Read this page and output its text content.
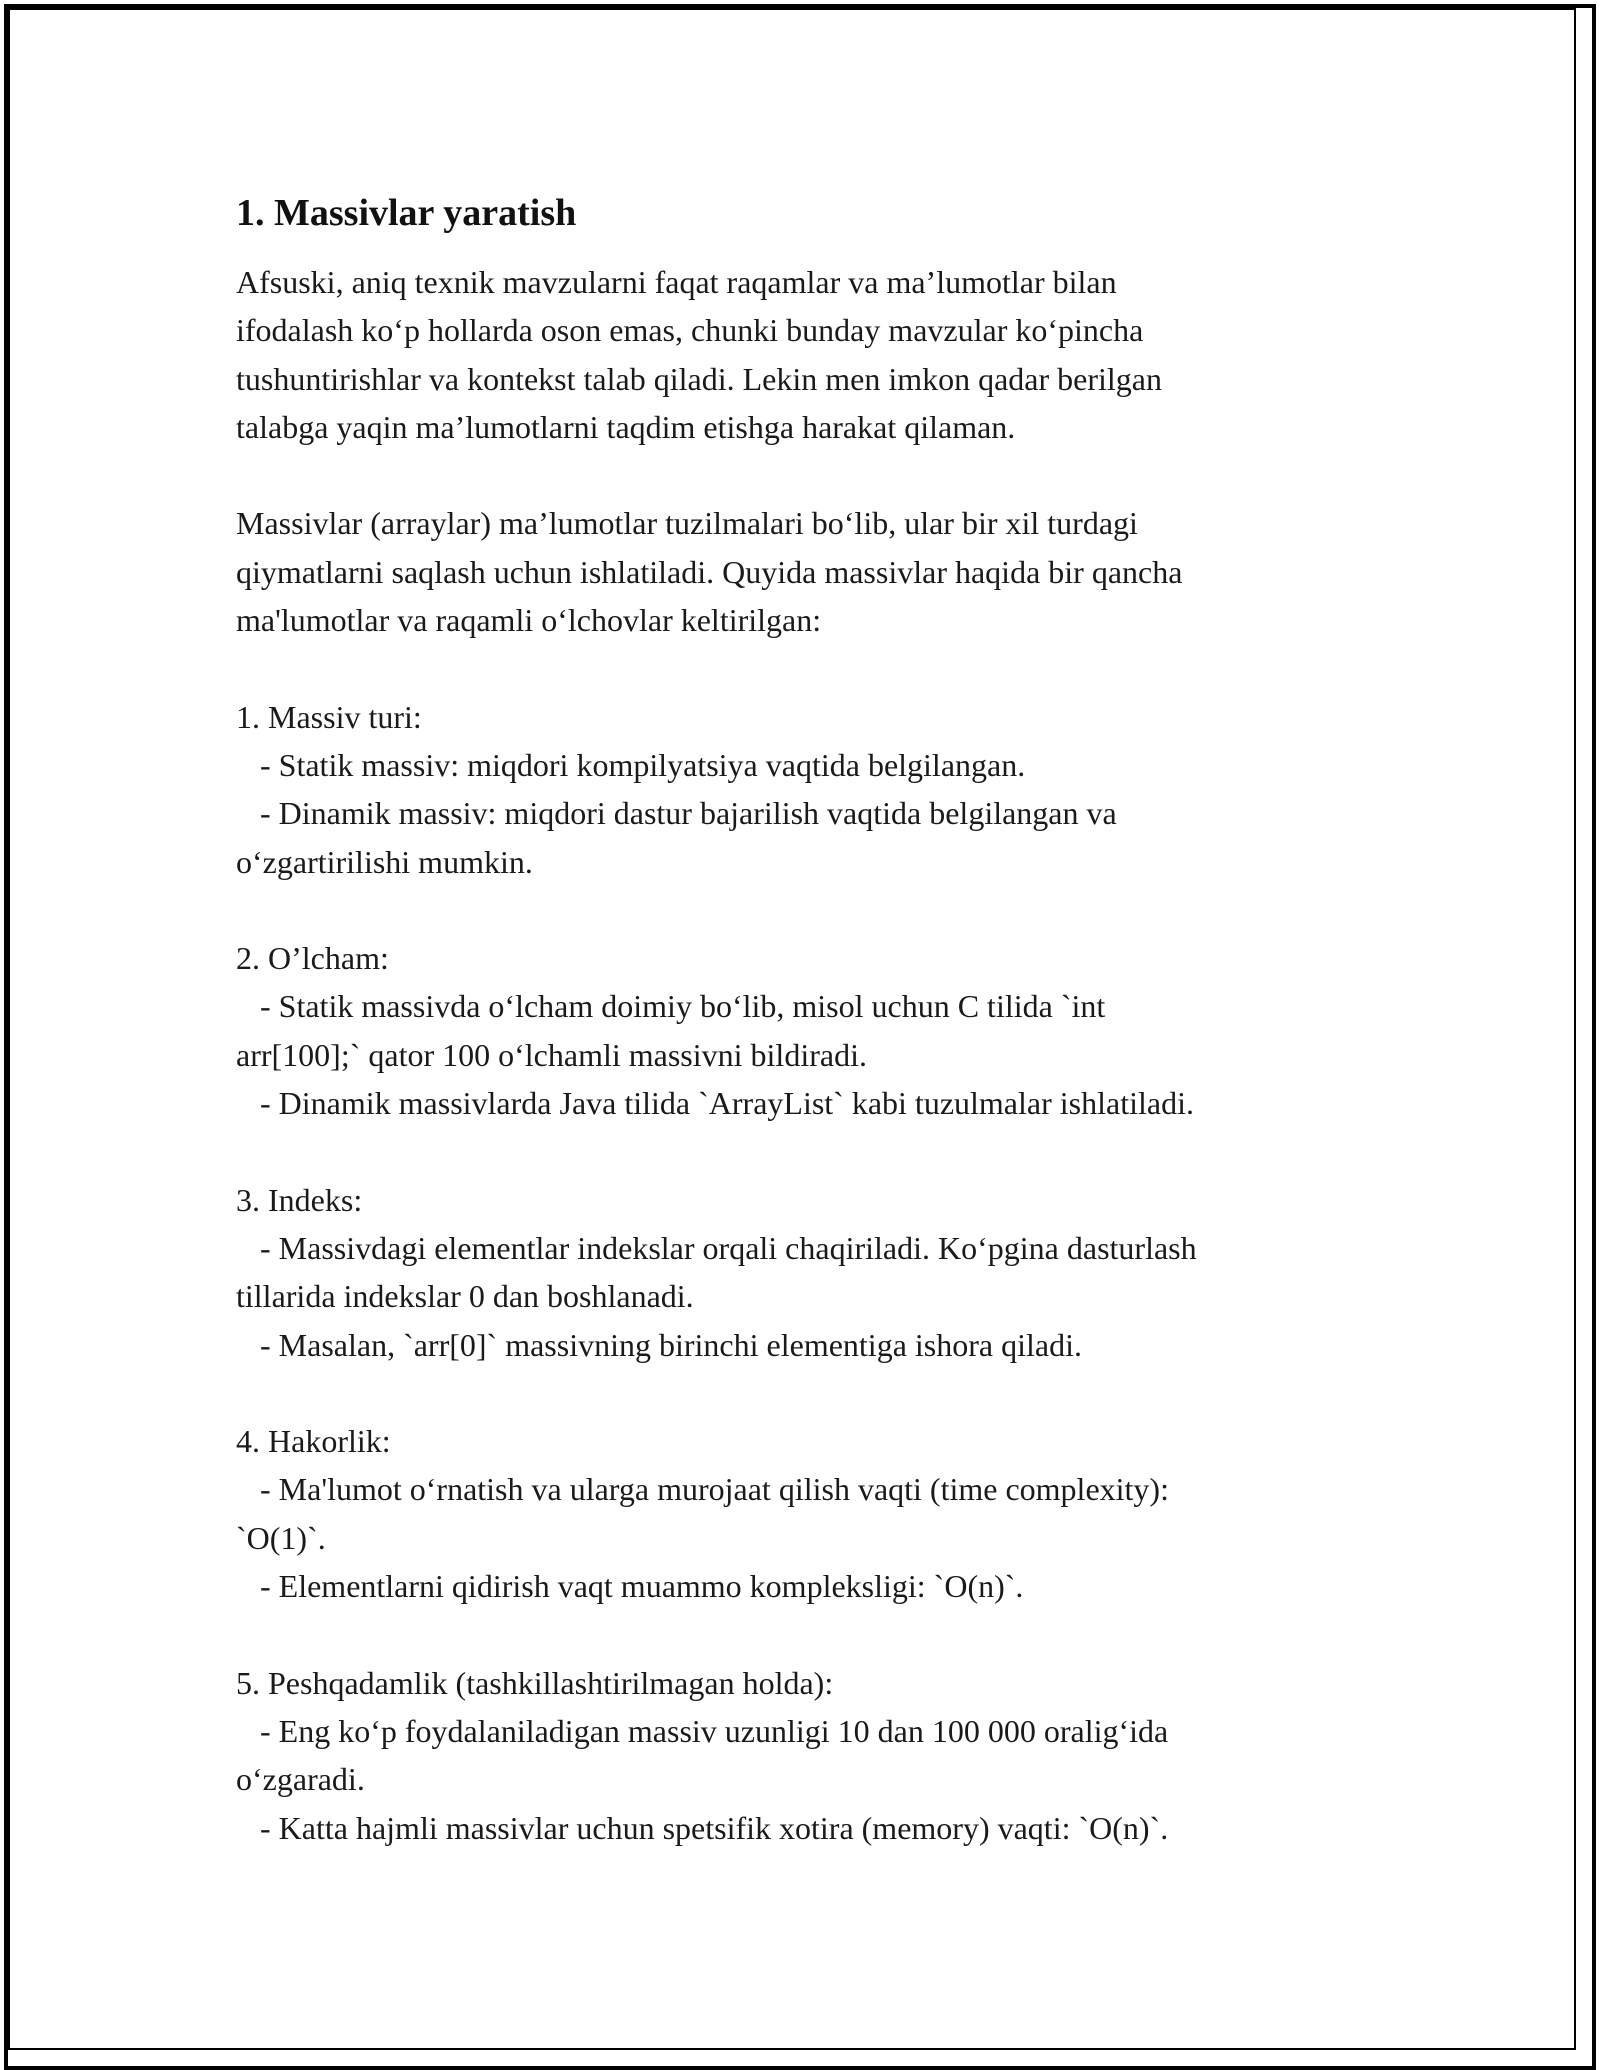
1. Massivlar yaratish

Afsuski, aniq texnik mavzularni faqat raqamlar va ma’lumotlar bilan
ifodalash ko‘p hollarda oson emas, chunki bunday mavzular ko‘pincha
tushuntirishlar va kontekst talab qiladi. Lekin men imkon qadar berilgan
talabga yaqin ma’lumotlarni taqdim etishga harakat qilaman.

Massivlar (arraylar) ma’lumotlar tuzilmalari bo‘lib, ular bir xil turdagi
qiymatlarni saqlash uchun ishlatiladi. Quyida massivlar haqida bir qancha
ma'lumotlar va raqamli o‘lchovlar keltirilgan:

1. Massiv turi:

- Statik massiv: miqdori kompilyatsiya vaqtida belgilangan.

- Dinamik massiv: miqdori dastur bajarilish vaqtida belgilangan va
o‘zgartirilishi mumkin.

2. O’lcham:

- Statik massivda o‘lcham doimiy bo‘lib, misol uchun C tilida `int
arr[100];` qator 100 o‘lchamli massivni bildiradi.

- Dinamik massivlarda Java tilida `ArrayList` kabi tuzulmalar ishlatiladi.

3. Indeks:

- Massivdagi elementlar indekslar orqali chaqiriladi. Ko‘pgina dasturlash
tillarida indekslar 0 dan boshlanadi.

- Masalan, `arr[0]` massivning birinchi elementiga ishora qiladi.

4. Hakorlik:

- Ma'lumot o‘rnatish va ularga murojaat qilish vaqti (time complexity):
`O(1)`.

- Elementlarni qidirish vaqt muammo kompleksligi: `O(n)`.

5. Peshqadamlik (tashkillashtirilmagan holda):

- Eng ko‘p foydalaniladigan massiv uzunligi 10 dan 100 000 oralig‘ida
o‘zgaradi.

- Katta hajmli massivlar uchun spetsifik xotira (memory) vaqti: `O(n)`.
